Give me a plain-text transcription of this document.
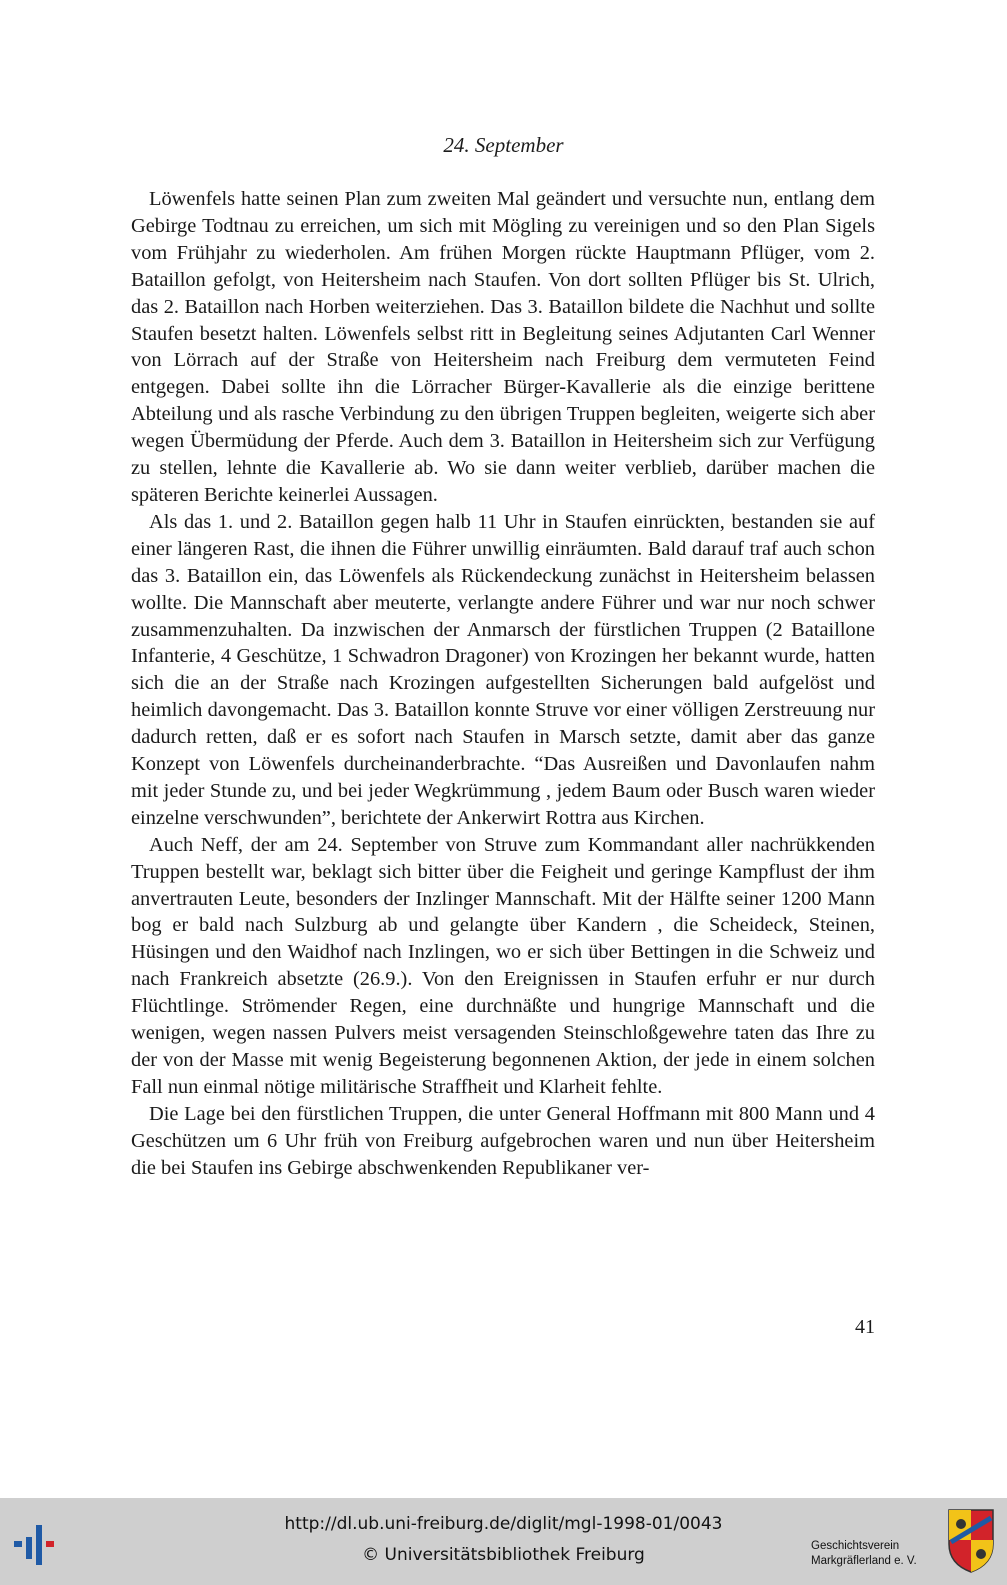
24. September

Löwenfels hatte seinen Plan zum zweiten Mal geändert und versuchte nun, entlang dem Gebirge Todtnau zu erreichen, um sich mit Mögling zu vereinigen und so den Plan Sigels vom Frühjahr zu wiederholen. Am frühen Morgen rückte Hauptmann Pflüger, vom 2. Bataillon gefolgt, von Heitersheim nach Staufen. Von dort sollten Pflüger bis St. Ulrich, das 2. Bataillon nach Horben weiterziehen. Das 3. Bataillon bildete die Nachhut und sollte Staufen besetzt halten. Löwenfels selbst ritt in Begleitung seines Adjutanten Carl Wenner von Lörrach auf der Straße von Heitersheim nach Freiburg dem vermuteten Feind entgegen. Dabei sollte ihn die Lörracher Bürger-Kavallerie als die einzige berittene Abteilung und als rasche Verbindung zu den übrigen Truppen begleiten, weigerte sich aber wegen Übermüdung der Pferde. Auch dem 3. Bataillon in Heitersheim sich zur Verfügung zu stellen, lehnte die Kavallerie ab. Wo sie dann weiter verblieb, darüber machen die späteren Berichte keinerlei Aussagen.

Als das 1. und 2. Bataillon gegen halb 11 Uhr in Staufen einrückten, bestanden sie auf einer längeren Rast, die ihnen die Führer unwillig einräumten. Bald darauf traf auch schon das 3. Bataillon ein, das Löwenfels als Rückendeckung zunächst in Heitersheim belassen wollte. Die Mannschaft aber meuterte, verlangte andere Führer und war nur noch schwer zusammenzuhalten. Da inzwischen der Anmarsch der fürstlichen Truppen (2 Bataillone Infanterie, 4 Geschütze, 1 Schwadron Dragoner) von Krozingen her bekannt wurde, hatten sich die an der Straße nach Krozingen aufgestellten Sicherungen bald aufgelöst und heimlich davongemacht. Das 3. Bataillon konnte Struve vor einer völligen Zerstreuung nur dadurch retten, daß er es sofort nach Staufen in Marsch setzte, damit aber das ganze Konzept von Löwenfels durcheinanderbrachte. “Das Ausreißen und Davonlaufen nahm mit jeder Stunde zu, und bei jeder Wegkrümmung , jedem Baum oder Busch waren wieder einzelne verschwunden”, berichtete der Ankerwirt Rottra aus Kirchen.

Auch Neff, der am 24. September von Struve zum Kommandant aller nachrükkenden Truppen bestellt war, beklagt sich bitter über die Feigheit und geringe Kampflust der ihm anvertrauten Leute, besonders der Inzlinger Mannschaft. Mit der Hälfte seiner 1200 Mann bog er bald nach Sulzburg ab und gelangte über Kandern , die Scheideck, Steinen, Hüsingen und den Waidhof nach Inzlingen, wo er sich über Bettingen in die Schweiz und nach Frankreich absetzte (26.9.). Von den Ereignissen in Staufen erfuhr er nur durch Flüchtlinge. Strömender Regen, eine durchnäßte und hungrige Mannschaft und die wenigen, wegen nassen Pulvers meist versagenden Steinschloßgewehre taten das Ihre zu der von der Masse mit wenig Begeisterung begonnenen Aktion, der jede in einem solchen Fall nun einmal nötige militärische Straffheit und Klarheit fehlte.

Die Lage bei den fürstlichen Truppen, die unter General Hoffmann mit 800 Mann und 4 Geschützen um 6 Uhr früh von Freiburg aufgebrochen waren und nun über Heitersheim die bei Staufen ins Gebirge abschwenkenden Republikaner ver-

41
http://dl.ub.uni-freiburg.de/diglit/mgl-1998-01/0043
© Universitätsbibliothek Freiburg	Geschichtsverein
Markgräflerland e. V.
